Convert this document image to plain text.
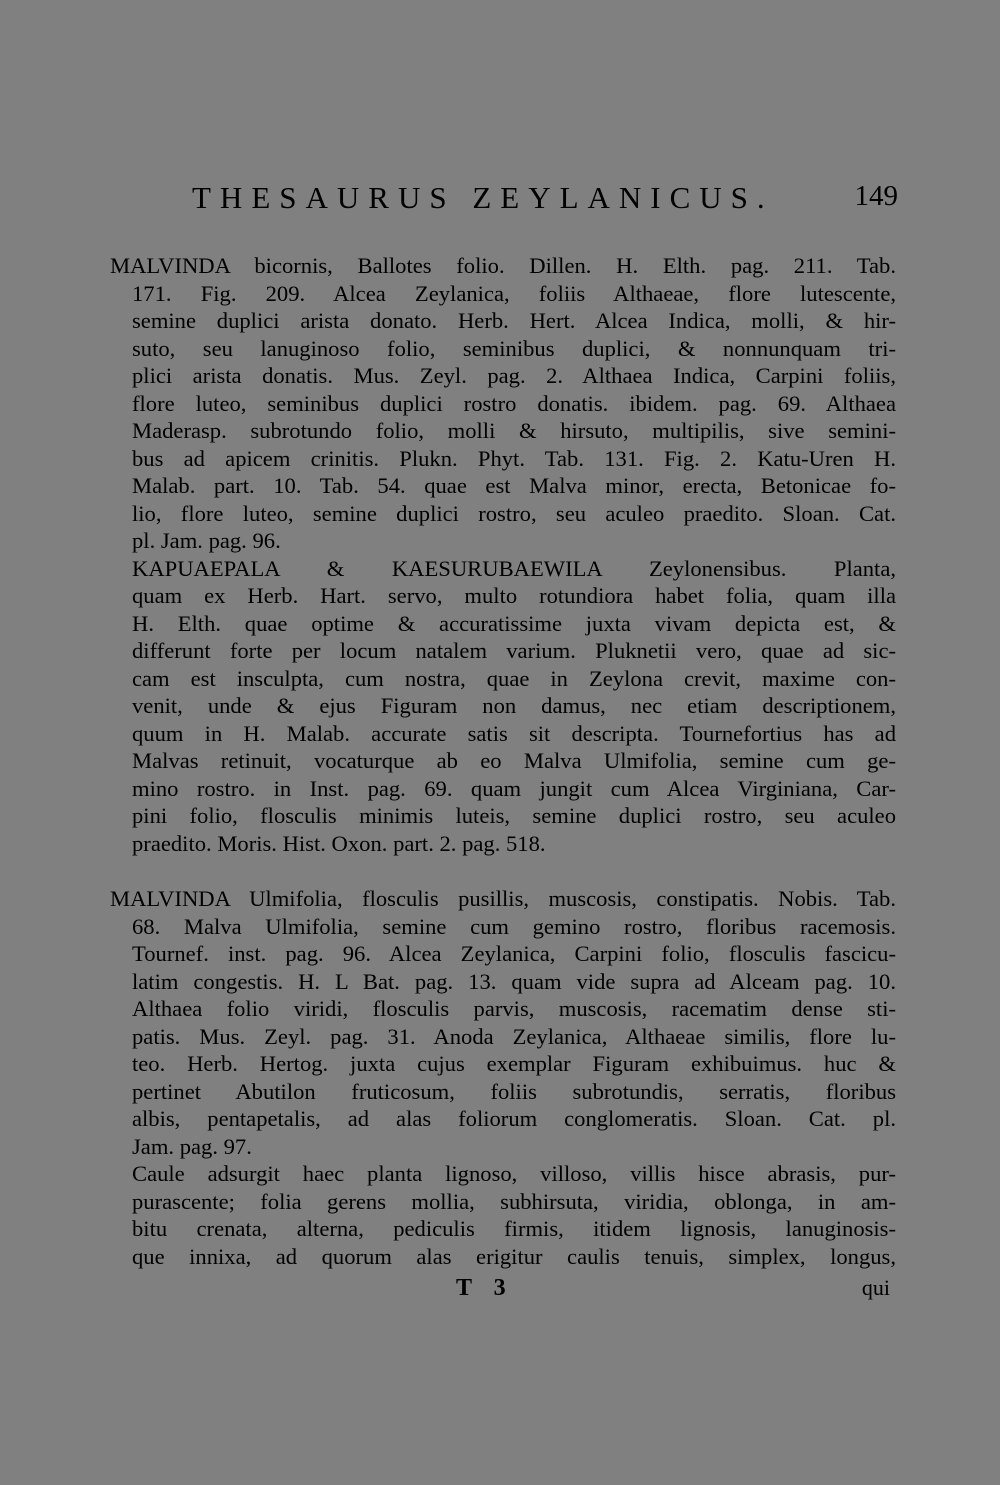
THESAURUS ZEYLANICUS.	149
MALVINDA bicornis, Ballotes folio. Dillen. H. Elth. pag. 211. Tab.
171. Fig. 209. Alcea Zeylanica, foliis Althaeae, flore lutescente,
semine duplici arista donato. Herb. Hert. Alcea Indica, molli, & hir-
suto, seu lanuginoso folio, seminibus duplici, & nonnunquam tri-
plici arista donatis. Mus. Zeyl. pag. 2. Althaea Indica, Carpini foliis,
flore luteo, seminibus duplici rostro donatis. ibidem. pag. 69. Althaea
Maderasp. subrotundo folio, molli & hirsuto, multipilis, sive semini-
bus ad apicem crinitis. Plukn. Phyt. Tab. 131. Fig. 2. Katu-Uren H.
Malab. part. 10. Tab. 54. quae est Malva minor, erecta, Betonicae fo-
lio, flore luteo, semine duplici rostro, seu aculeo praedito. Sloan. Cat.
pl. Jam. pag. 96.
KAPUAEPALA & KAESURUBAEWILA Zeylonensibus. Planta,
quam ex Herb. Hart. servo, multo rotundiora habet folia, quam illa
H. Elth. quae optime & accuratissime juxta vivam depicta est, &
differunt forte per locum natalem varium. Pluknetii vero, quae ad sic-
cam est insculpta, cum nostra, quae in Zeylona crevit, maxime con-
venit, unde & ejus Figuram non damus, nec etiam descriptionem,
quum in H. Malab. accurate satis sit descripta. Tournefortius has ad
Malvas retinuit, vocaturque ab eo Malva Ulmifolia, semine cum ge-
mino rostro. in Inst. pag. 69. quam jungit cum Alcea Virginiana, Car-
pini folio, flosculis minimis luteis, semine duplici rostro, seu aculeo
praedito. Moris. Hist. Oxon. part. 2. pag. 518.
MALVINDA Ulmifolia, flosculis pusillis, muscosis, constipatis. Nobis. Tab.
68. Malva Ulmifolia, semine cum gemino rostro, floribus racemosis.
Tournef. inst. pag. 96. Alcea Zeylanica, Carpini folio, flosculis fascicu-
latim congestis. H. L Bat. pag. 13. quam vide supra ad Alceam pag. 10.
Althaea folio viridi, flosculis parvis, muscosis, racematim dense sti-
patis. Mus. Zeyl. pag. 31. Anoda Zeylanica, Althaeae similis, flore lu-
teo. Herb. Hertog. juxta cujus exemplar Figuram exhibuimus. huc &
pertinet Abutilon fruticosum, foliis subrotundis, serratis, floribus
albis, pentapetalis, ad alas foliorum conglomeratis. Sloan. Cat. pl.
Jam. pag. 97.
Caule adsurgit haec planta lignoso, villoso, villis hisce abrasis, pur-
purascente; folia gerens mollia, subhirsuta, viridia, oblonga, in am-
bitu crenata, alterna, pediculis firmis, itidem lignosis, lanuginosis-
que innixa, ad quorum alas erigitur caulis tenuis, simplex, longus,
T 3	qui
